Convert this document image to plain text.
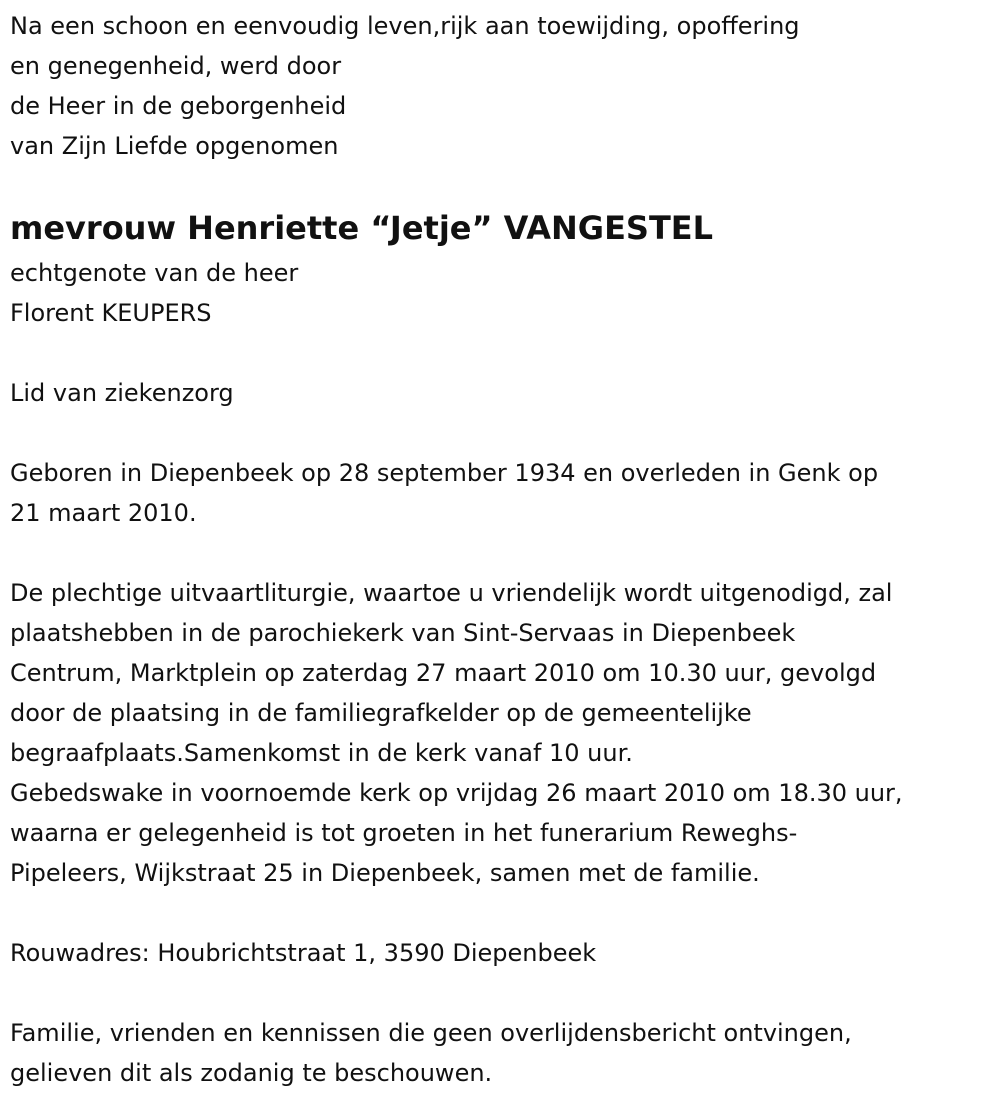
Na een schoon en eenvoudig leven,rijk aan toewijding, opoffering
en genegenheid, werd door
de Heer in de geborgenheid
van Zijn Liefde opgenomen
mevrouw Henriette “Jetje” VANGESTEL
echtgenote van de heer
Florent KEUPERS
Lid van ziekenzorg
Geboren in Diepenbeek op 28 september 1934 en overleden in Genk op
21 maart 2010.
De plechtige uitvaartliturgie, waartoe u vriendelijk wordt uitgenodigd, zal
plaatshebben in de parochiekerk van Sint-Servaas in Diepenbeek
Centrum, Marktplein op zaterdag 27 maart 2010 om 10.30 uur, gevolgd
door de plaatsing in de familiegrafkelder op de gemeentelijke
begraafplaats.Samenkomst in de kerk vanaf 10 uur.
Gebedswake in voornoemde kerk op vrijdag 26 maart 2010 om 18.30 uur,
waarna er gelegenheid is tot groeten in het funerarium Reweghs-
Pipeleers, Wijkstraat 25 in Diepenbeek, samen met de familie.
Rouwadres: Houbrichtstraat 1, 3590 Diepenbeek
Familie, vrienden en kennissen die geen overlijdensbericht ontvingen,
gelieven dit als zodanig te beschouwen.
